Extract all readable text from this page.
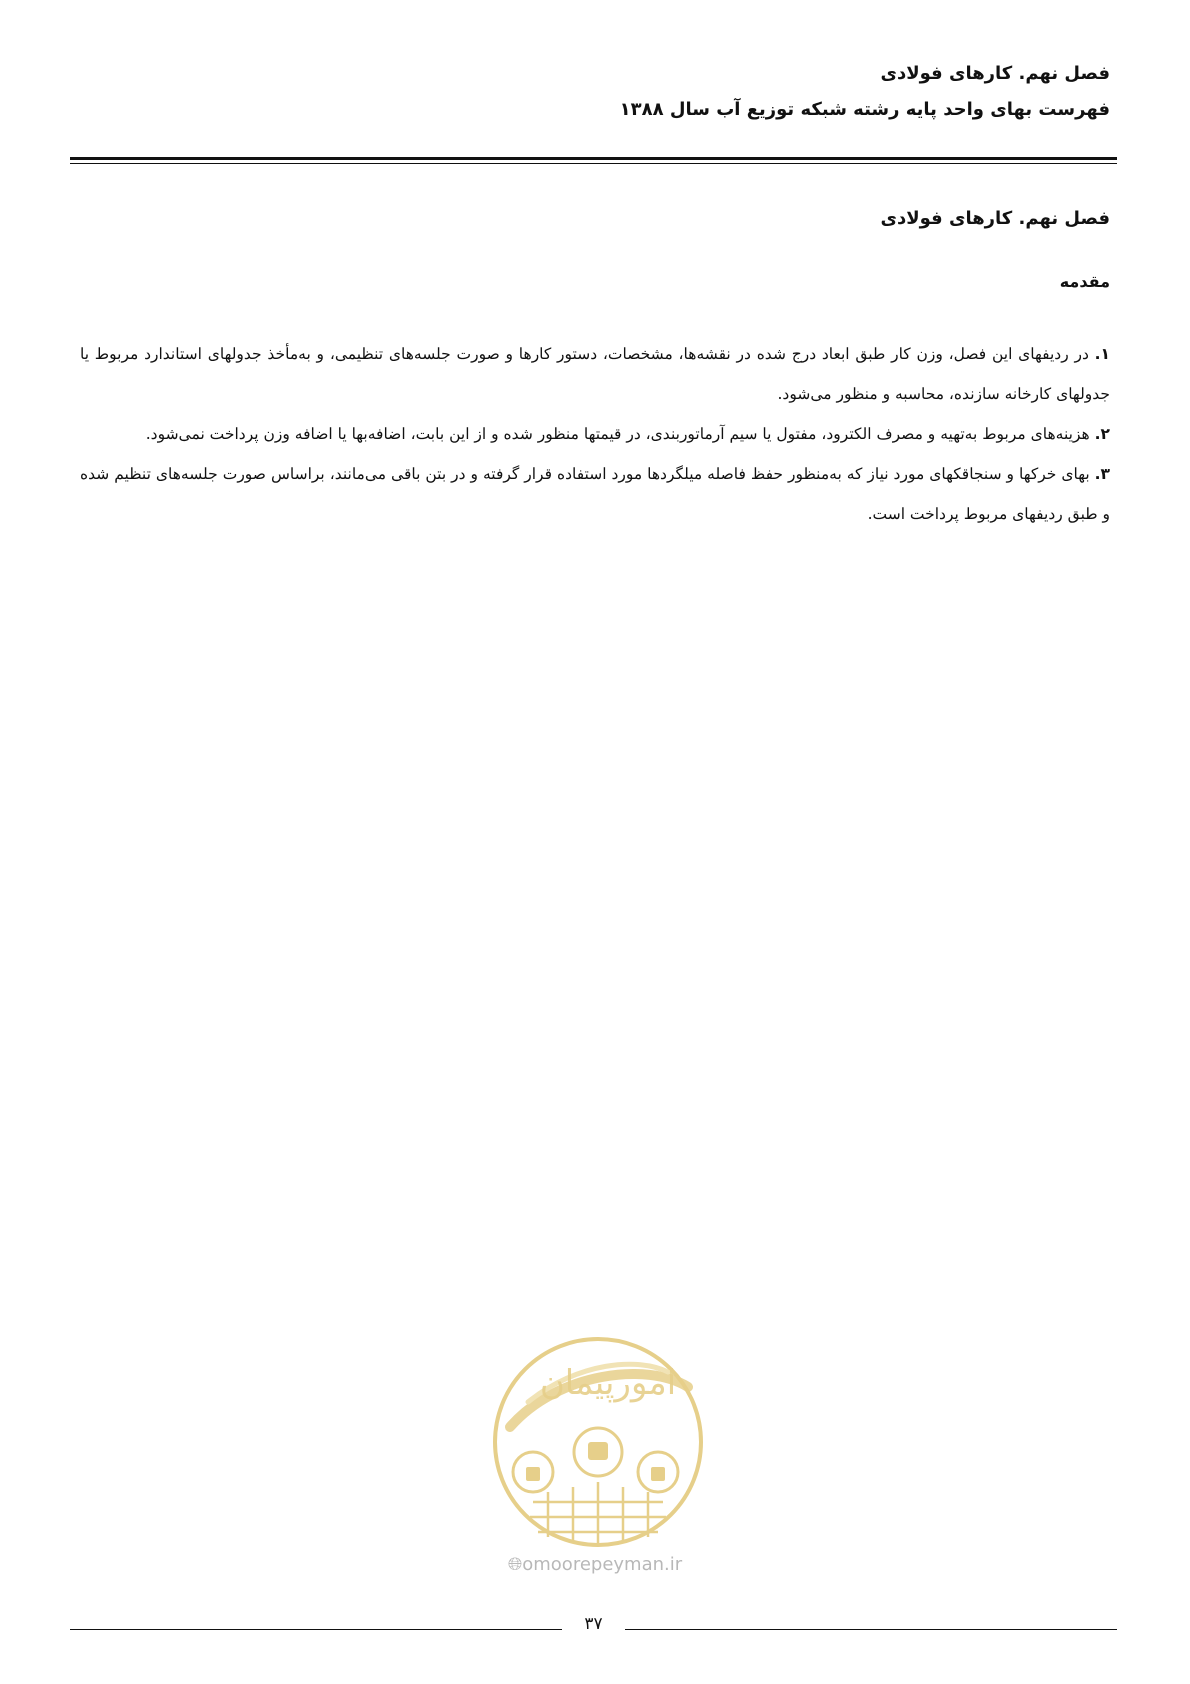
فصل نهم. کارهای فولادی
فهرست بهای واحد پایه رشته شبکه توزیع آب سال ۱۳۸۸
فصل نهم. کارهای فولادی
مقدمه

۱. در ردیفهای این فصل، وزن کار طبق ابعاد درج شده در نقشه‌ها، مشخصات، دستور کارها و صورت جلسه‌های تنظیمی، و به‌مأخذ جدولهای استاندارد مربوط یا جدولهای کارخانه سازنده، محاسبه و منظور می‌شود.

۲. هزینه‌های مربوط به‌تهیه و مصرف الکترود، مفتول یا سیم آرماتوربندی، در قیمتها منظور شده و از این بابت، اضافه‌بها یا اضافه وزن پرداخت نمی‌شود.

۳. بهای خرکها و سنجاقکهای مورد نیاز که به‌منظور حفظ فاصله میلگردها مورد استفاده قرار گرفته و در بتن باقی می‌مانند، براساس صورت جلسه‌های تنظیم شده و طبق ردیفهای مربوط پرداخت است.

امورپیمان
🌐︎omoorepeyman.ir
۳۷
